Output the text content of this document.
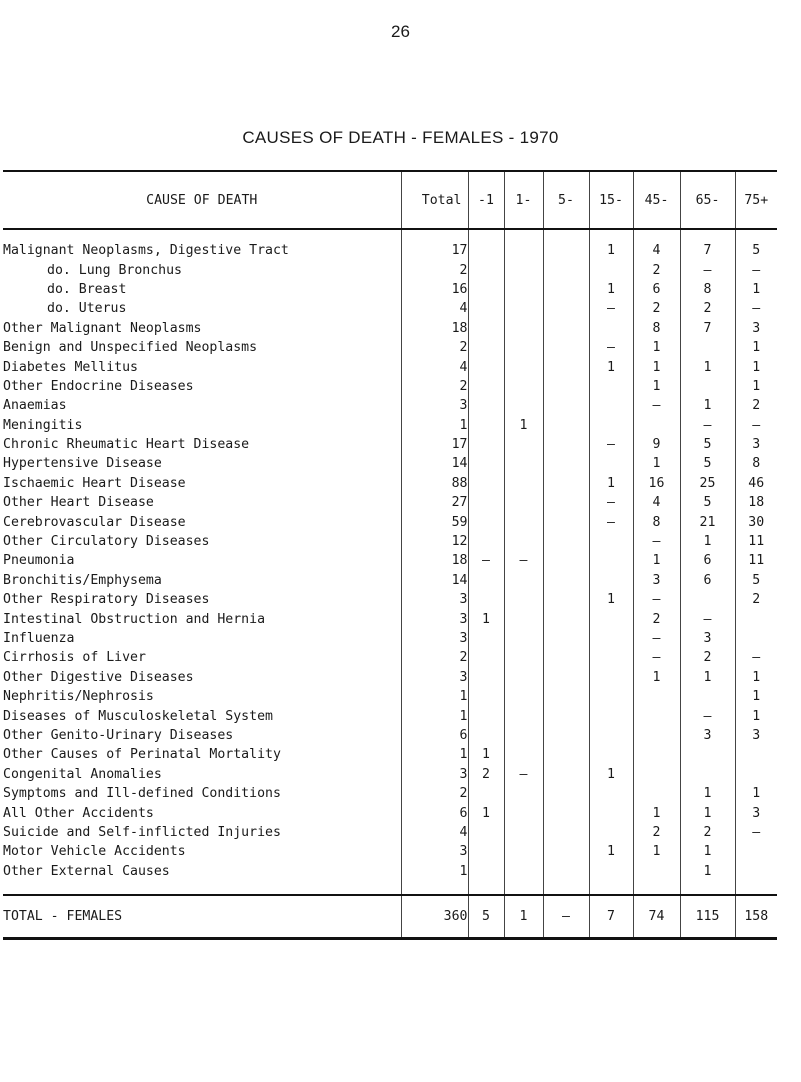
26
CAUSES OF DEATH - FEMALES - 1970
CAUSE OF DEATH	Total	-1	1-	5-	15-	45-	65-	75+

Malignant Neoplasms, Digestive Tract	17				1	4	7	5
do. Lung Bronchus	2					2	–	–
do. Breast	16				1	6	8	1
do. Uterus	4				–	2	2	–
Other Malignant Neoplasms	18					8	7	3
Benign and Unspecified Neoplasms	2				–	1		1
Diabetes Mellitus	4				1	1	1	1
Other Endocrine Diseases	2					1		1
Anaemias	3					–	1	2
Meningitis	1		1				–	–
Chronic Rheumatic Heart Disease	17				–	9	5	3
Hypertensive Disease	14					1	5	8
Ischaemic Heart Disease	88				1	16	25	46
Other Heart Disease	27				–	4	5	18
Cerebrovascular Disease	59				–	8	21	30
Other Circulatory Diseases	12					–	1	11
Pneumonia	18	–	–			1	6	11
Bronchitis/Emphysema	14					3	6	5
Other Respiratory Diseases	3				1	–		2
Intestinal Obstruction and Hernia	3	1				2	–	
Influenza	3					–	3	
Cirrhosis of Liver	2					–	2	–
Other Digestive Diseases	3					1	1	1
Nephritis/Nephrosis	1							1
Diseases of Musculoskeletal System	1						–	1
Other Genito-Urinary Diseases	6						3	3
Other Causes of Perinatal Mortality	1	1						
Congenital Anomalies	3	2	–		1			
Symptoms and Ill-defined Conditions	2						1	1
All Other Accidents	6	1				1	1	3
Suicide and Self-inflicted Injuries	4					2	2	–
Motor Vehicle Accidents	3				1	1	1	
Other External Causes	1						1	

TOTAL - FEMALES	360	5	1	–	7	74	115	158
